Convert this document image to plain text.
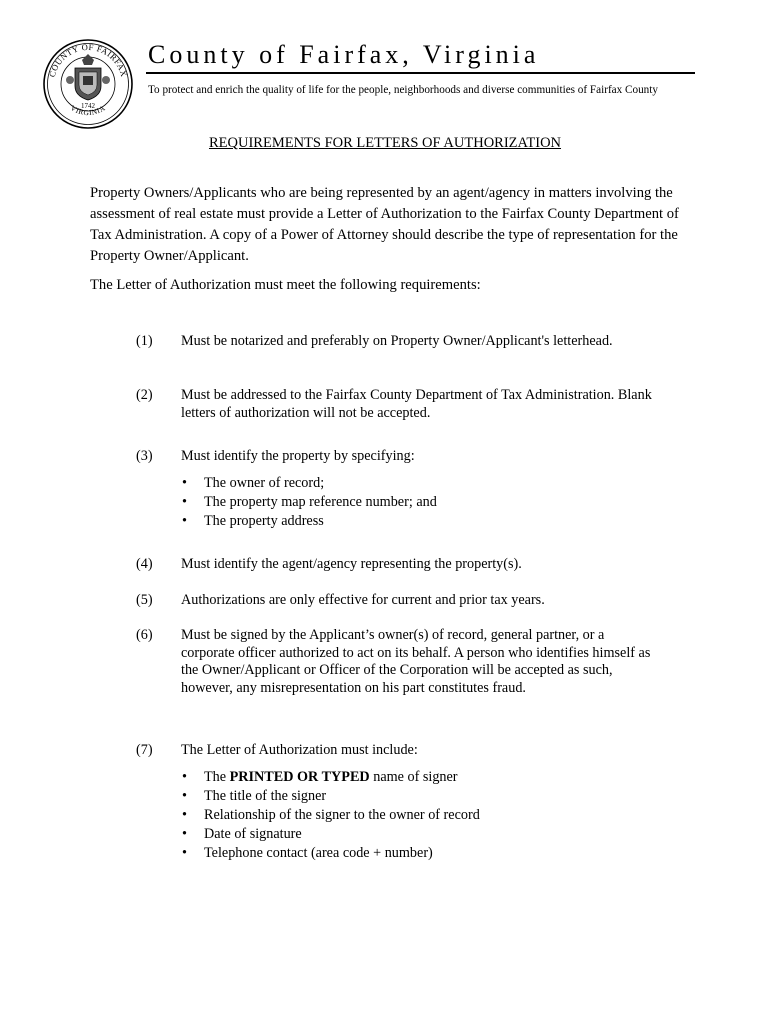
COUNTY OF FAIRFAX
VIRGINIA
1742
County of Fairfax, Virginia
To protect and enrich the quality of life for the people, neighborhoods and diverse communities of Fairfax County
REQUIREMENTS FOR LETTERS OF AUTHORIZATION
Property Owners/Applicants who are being represented by an agent/agency in matters involving the assessment of real estate must provide a Letter of Authorization to the Fairfax County Department of Tax Administration. A copy of a Power of Attorney should describe the type of representation for the Property Owner/Applicant.
The Letter of Authorization must meet the following requirements:
(1) Must be notarized and preferably on Property Owner/Applicant's letterhead.
(2) Must be addressed to the Fairfax County Department of Tax Administration. Blank letters of authorization will not be accepted.
(3) Must identify the property by specifying:
• The owner of record;
• The property map reference number; and
• The property address
(4) Must identify the agent/agency representing the property(s).
(5) Authorizations are only effective for current and prior tax years.
(6) Must be signed by the Applicant’s owner(s) of record, general partner, or a corporate officer authorized to act on its behalf. A person who identifies himself as the Owner/Applicant or Officer of the Corporation will be accepted as such, however, any misrepresentation on his part constitutes fraud.
(7) The Letter of Authorization must include:
• The PRINTED OR TYPED name of signer
• The title of the signer
• Relationship of the signer to the owner of record
• Date of signature
• Telephone contact (area code + number)
